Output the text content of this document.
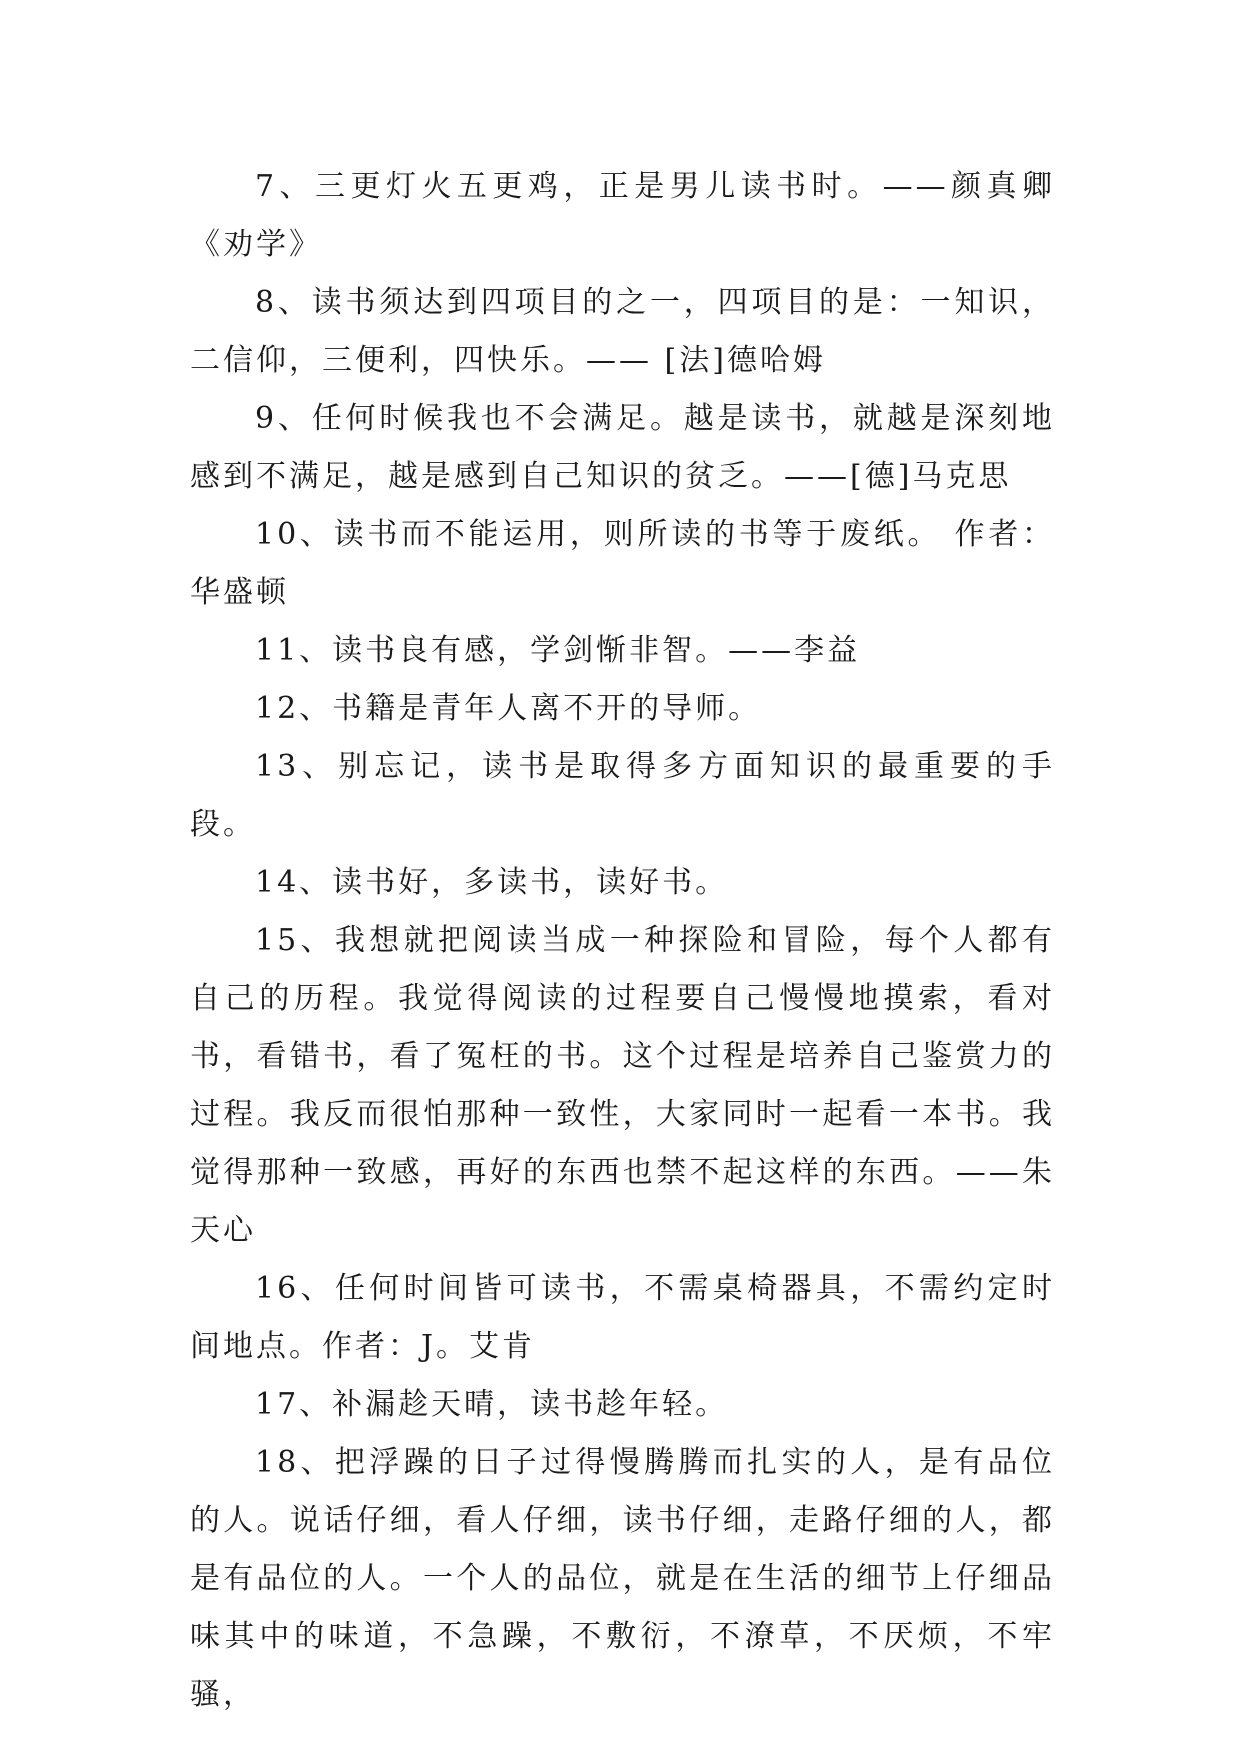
7、三更灯火五更鸡，正是男儿读书时。——颜真卿《劝学》

8、读书须达到四项目的之一，四项目的是：一知识，二信仰，三便利，四快乐。—— [法]德哈姆

9、任何时候我也不会满足。越是读书，就越是深刻地感到不满足，越是感到自己知识的贫乏。——[德]马克思

10、读书而不能运用，则所读的书等于废纸。 作者：华盛顿

11、读书良有感，学剑惭非智。——李益

12、书籍是青年人离不开的导师。

13、别忘记，读书是取得多方面知识的最重要的手段。

14、读书好，多读书，读好书。

15、我想就把阅读当成一种探险和冒险，每个人都有自己的历程。我觉得阅读的过程要自己慢慢地摸索，看对书，看错书，看了冤枉的书。这个过程是培养自己鉴赏力的过程。我反而很怕那种一致性，大家同时一起看一本书。我觉得那种一致感，再好的东西也禁不起这样的东西。——朱天心

16、任何时间皆可读书，不需桌椅器具，不需约定时间地点。作者：J。艾肯

17、补漏趁天晴，读书趁年轻。

18、把浮躁的日子过得慢腾腾而扎实的人，是有品位的人。说话仔细，看人仔细，读书仔细，走路仔细的人，都是有品位的人。一个人的品位，就是在生活的细节上仔细品味其中的味道，不急躁，不敷衍，不潦草，不厌烦，不牢骚，
